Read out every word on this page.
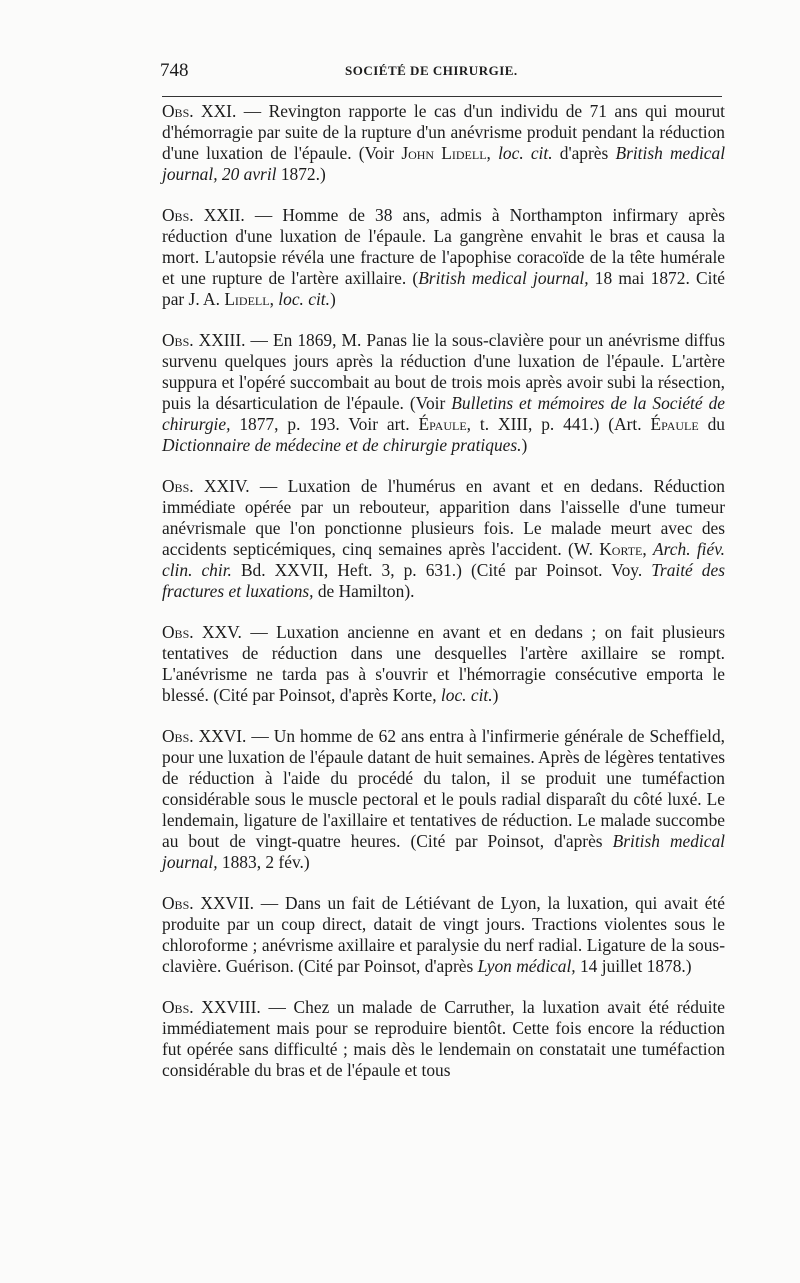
748	SOCIÉTÉ DE CHIRURGIE.

Obs. XXI. — Revington rapporte le cas d'un individu de 71 ans qui mourut d'hémorragie par suite de la rupture d'un anévrisme produit pendant la réduction d'une luxation de l'épaule. (Voir John Lidell, loc. cit. d'après British medical journal, 20 avril 1872.)

Obs. XXII. — Homme de 38 ans, admis à Northampton infirmary après réduction d'une luxation de l'épaule. La gangrène envahit le bras et causa la mort. L'autopsie révéla une fracture de l'apophise coracoïde de la tête humérale et une rupture de l'artère axillaire. (British medical journal, 18 mai 1872. Cité par J. A. Lidell, loc. cit.)

Obs. XXIII. — En 1869, M. Panas lie la sous-clavière pour un anévrisme diffus survenu quelques jours après la réduction d'une luxation de l'épaule. L'artère suppura et l'opéré succombait au bout de trois mois après avoir subi la résection, puis la désarticulation de l'épaule. (Voir Bulletins et mémoires de la Société de chirurgie, 1877, p. 193. Voir art. Épaule, t. XIII, p. 441.) (Art. Épaule du Dictionnaire de médecine et de chirurgie pratiques.)

Obs. XXIV. — Luxation de l'humérus en avant et en dedans. Réduction immédiate opérée par un rebouteur, apparition dans l'aisselle d'une tumeur anévrismale que l'on ponctionne plusieurs fois. Le malade meurt avec des accidents septicémiques, cinq semaines après l'accident. (W. Korte, Arch. fiév. clin. chir. Bd. XXVII, Heft. 3, p. 631.) (Cité par Poinsot. Voy. Traité des fractures et luxations, de Hamilton).

Obs. XXV. — Luxation ancienne en avant et en dedans ; on fait plusieurs tentatives de réduction dans une desquelles l'artère axillaire se rompt. L'anévrisme ne tarda pas à s'ouvrir et l'hémorragie consécutive emporta le blessé. (Cité par Poinsot, d'après Korte, loc. cit.)

Obs. XXVI. — Un homme de 62 ans entra à l'infirmerie générale de Scheffield, pour une luxation de l'épaule datant de huit semaines. Après de légères tentatives de réduction à l'aide du procédé du talon, il se produit une tuméfaction considérable sous le muscle pectoral et le pouls radial disparaît du côté luxé. Le lendemain, ligature de l'axillaire et tentatives de réduction. Le malade succombe au bout de vingt-quatre heures. (Cité par Poinsot, d'après British medical journal, 1883, 2 fév.)

Obs. XXVII. — Dans un fait de Létiévant de Lyon, la luxation, qui avait été produite par un coup direct, datait de vingt jours. Tractions violentes sous le chloroforme ; anévrisme axillaire et paralysie du nerf radial. Ligature de la sous-clavière. Guérison. (Cité par Poinsot, d'après Lyon médical, 14 juillet 1878.)

Obs. XXVIII. — Chez un malade de Carruther, la luxation avait été réduite immédiatement mais pour se reproduire bientôt. Cette fois encore la réduction fut opérée sans difficulté ; mais dès le lendemain on constatait une tuméfaction considérable du bras et de l'épaule et tous
